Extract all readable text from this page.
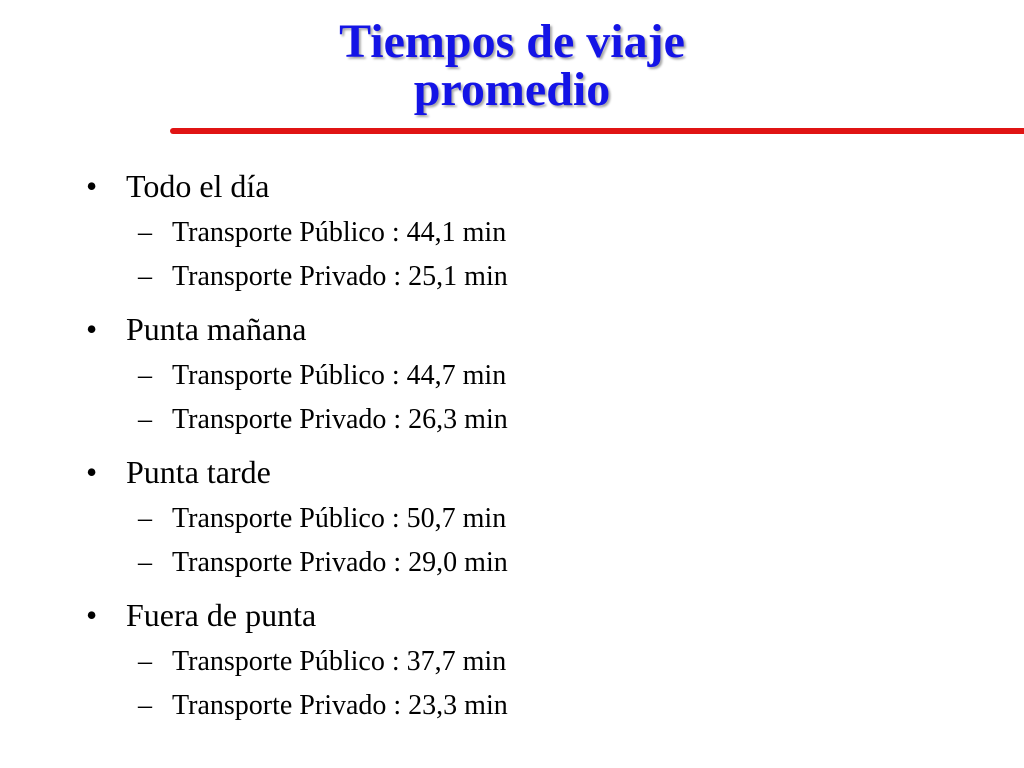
Tiempos de viaje
promedio
• Todo el día
– Transporte Público : 44,1 min
– Transporte Privado : 25,1 min
• Punta mañana
– Transporte Público : 44,7 min
– Transporte Privado : 26,3 min
• Punta tarde
– Transporte Público : 50,7 min
– Transporte Privado : 29,0 min
• Fuera de punta
– Transporte Público : 37,7 min
– Transporte Privado : 23,3 min
